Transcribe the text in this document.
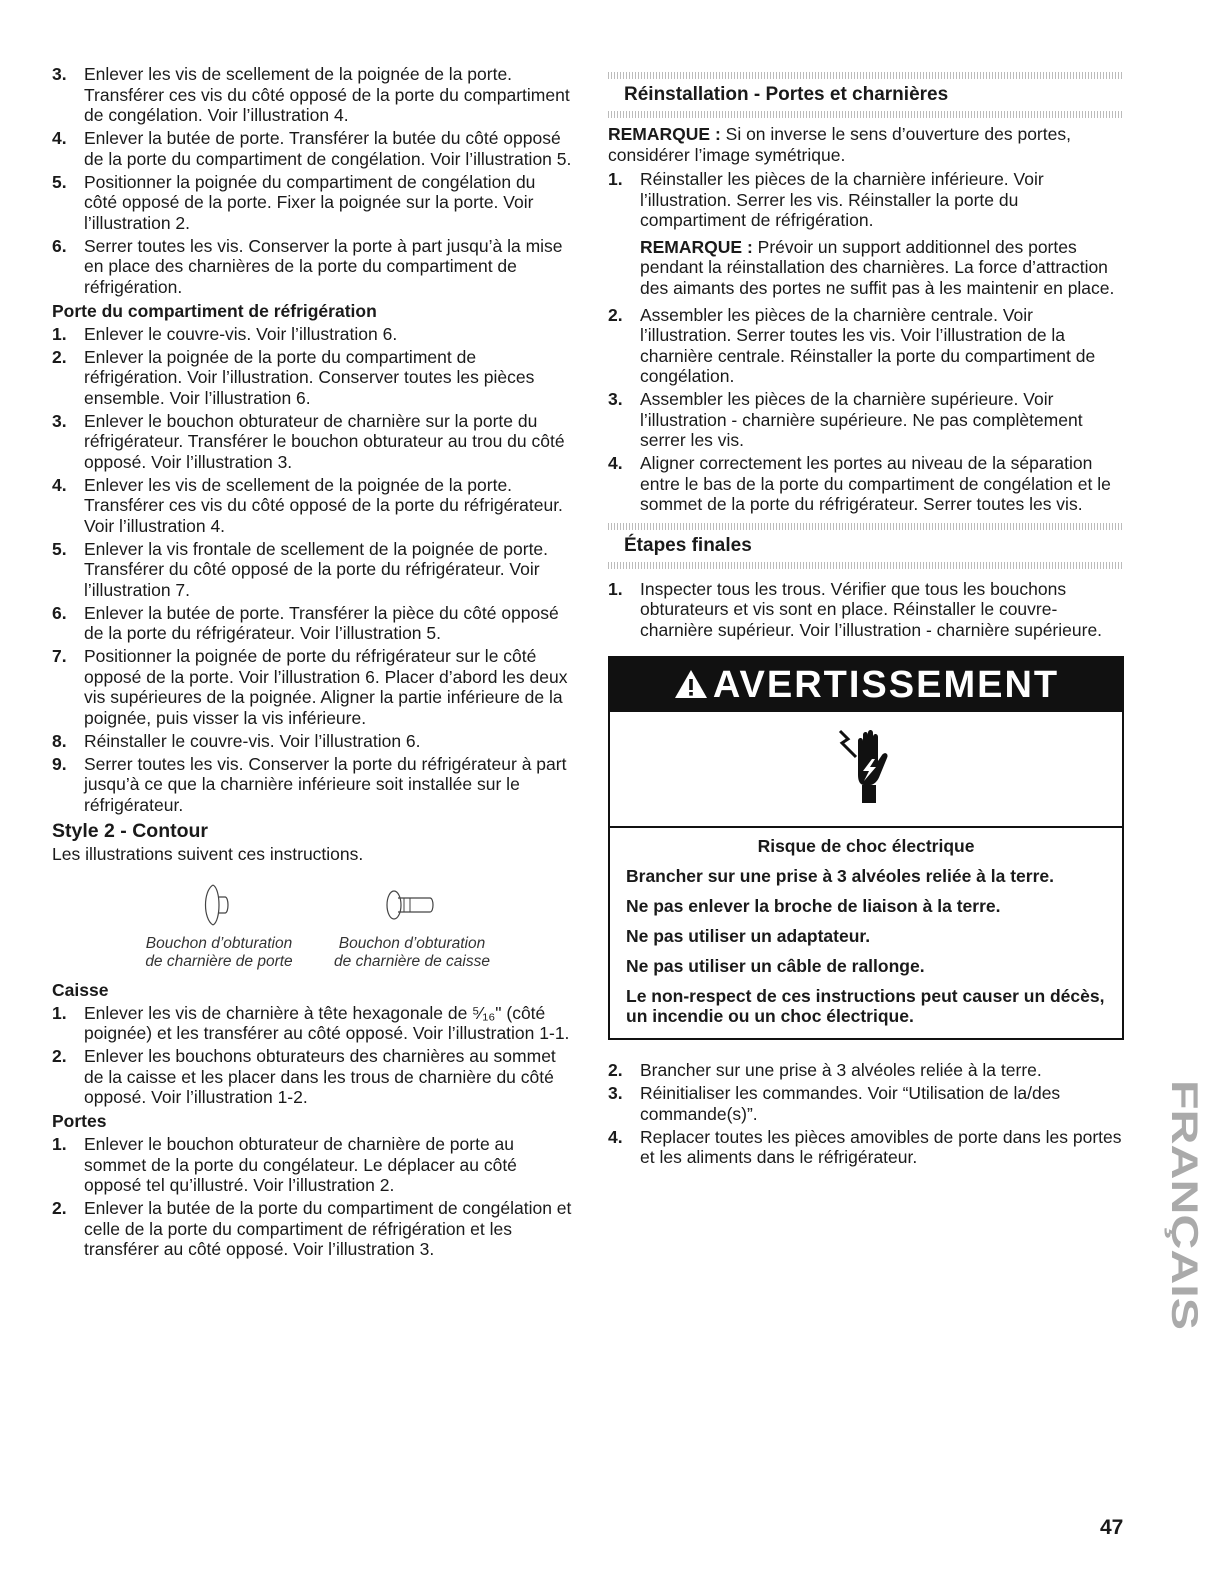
3. Enlever les vis de scellement de la poignée de la porte. Transférer ces vis du côté opposé de la porte du compartiment de congélation. Voir l’illustration 4.
4. Enlever la butée de porte. Transférer la butée du côté opposé de la porte du compartiment de congélation. Voir l’illustration 5.
5. Positionner la poignée du compartiment de congélation du côté opposé de la porte. Fixer la poignée sur la porte. Voir l’illustration 2.
6. Serrer toutes les vis. Conserver la porte à part jusqu’à la mise en place des charnières de la porte du compartiment de réfrigération.
Porte du compartiment de réfrigération
1. Enlever le couvre-vis. Voir l’illustration 6.
2. Enlever la poignée de la porte du compartiment de réfrigération. Voir l’illustration. Conserver toutes les pièces ensemble. Voir l’illustration 6.
3. Enlever le bouchon obturateur de charnière sur la porte du réfrigérateur. Transférer le bouchon obturateur au trou du côté opposé. Voir l’illustration 3.
4. Enlever les vis de scellement de la poignée de la porte. Transférer ces vis du côté opposé de la porte du réfrigérateur. Voir l’illustration 4.
5. Enlever la vis frontale de scellement de la poignée de porte. Transférer du côté opposé de la porte du réfrigérateur. Voir l’illustration 7.
6. Enlever la butée de porte. Transférer la pièce du côté opposé de la porte du réfrigérateur. Voir l’illustration 5.
7. Positionner la poignée de porte du réfrigérateur sur le côté opposé de la porte. Voir l’illustration 6. Placer d’abord les deux vis supérieures de la poignée. Aligner la partie inférieure de la poignée, puis visser la vis inférieure.
8. Réinstaller le couvre-vis. Voir l’illustration 6.
9. Serrer toutes les vis. Conserver la porte du réfrigérateur à part jusqu’à ce que la charnière inférieure soit installée sur le réfrigérateur.
Style 2 - Contour
Les illustrations suivent ces instructions.
Bouchon d’obturation
de charnière de porte
Bouchon d’obturation
de charnière de caisse
Caisse
1. Enlever les vis de charnière à tête hexagonale de ⁵⁄₁₆" (côté poignée) et les transférer au côté opposé. Voir l’illustration 1-1.
2. Enlever les bouchons obturateurs des charnières au sommet de la caisse et les placer dans les trous de charnière du côté opposé. Voir l’illustration 1-2.
Portes
1. Enlever le bouchon obturateur de charnière de porte au sommet de la porte du congélateur. Le déplacer au côté opposé tel qu’illustré. Voir l’illustration 2.
2. Enlever la butée de la porte du compartiment de congélation et celle de la porte du compartiment de réfrigération et les transférer au côté opposé. Voir l’illustration 3.
Réinstallation - Portes et charnières
REMARQUE : Si on inverse le sens d’ouverture des portes, considérer l’image symétrique.
1. Réinstaller les pièces de la charnière inférieure. Voir l’illustration. Serrer les vis. Réinstaller la porte du compartiment de réfrigération.
REMARQUE : Prévoir un support additionnel des portes pendant la réinstallation des charnières. La force d’attraction des aimants des portes ne suffit pas à les maintenir en place.
2. Assembler les pièces de la charnière centrale. Voir l’illustration. Serrer toutes les vis. Voir l’illustration de la charnière centrale. Réinstaller la porte du compartiment de congélation.
3. Assembler les pièces de la charnière supérieure. Voir l’illustration - charnière supérieure. Ne pas complètement serrer les vis.
4. Aligner correctement les portes au niveau de la séparation entre le bas de la porte du compartiment de congélation et le sommet de la porte du réfrigérateur. Serrer toutes les vis.
Étapes finales
1. Inspecter tous les trous. Vérifier que tous les bouchons obturateurs et vis sont en place. Réinstaller le couvre-charnière supérieur. Voir l’illustration - charnière supérieure.
AVERTISSEMENT
Risque de choc électrique
Brancher sur une prise à 3 alvéoles reliée à la terre.
Ne pas enlever la broche de liaison à la terre.
Ne pas utiliser un adaptateur.
Ne pas utiliser un câble de rallonge.
Le non-respect de ces instructions peut causer un décès, un incendie ou un choc électrique.
2. Brancher sur une prise à 3 alvéoles reliée à la terre.
3. Réinitialiser les commandes. Voir “Utilisation de la/des commande(s)”.
4. Replacer toutes les pièces amovibles de porte dans les portes et les aliments dans le réfrigérateur.	FRANÇAIS
47
